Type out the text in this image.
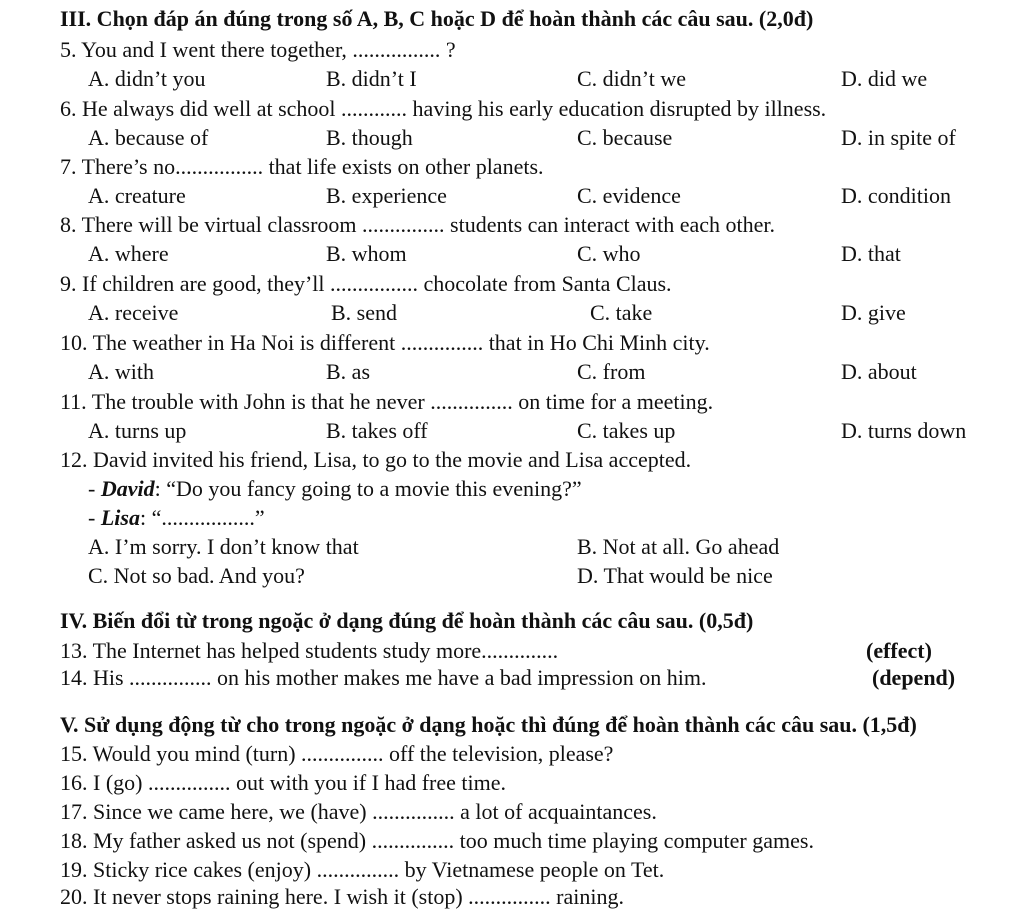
III. Chọn đáp án đúng trong số A, B, C hoặc D để hoàn thành các câu sau. (2,0đ)
5. You and I went there together, ................ ?
A. didn’t you	B. didn’t I	C. didn’t we	D. did we
6. He always did well at school ............ having his early education disrupted by illness.
A. because of	B. though	C. because	D. in spite of
7. There’s no................ that life exists on other planets.
A. creature	B. experience	C. evidence	D. condition
8. There will be virtual classroom ............... students can interact with each other.
A. where	B. whom	C. who	D. that
9. If children are good, they’ll ................ chocolate from Santa Claus.
A. receive	B. send	C. take	D. give
10. The weather in Ha Noi is different ............... that in Ho Chi Minh city.
A. with	B. as	C. from	D. about
11. The trouble with John is that he never ............... on time for a meeting.
A. turns up	B. takes off	C. takes up	D. turns down
12. David invited his friend, Lisa, to go to the movie and Lisa accepted.
- David: “Do you fancy going to a movie this evening?”
- Lisa: “.................”
A. I’m sorry. I don’t know that	B. Not at all. Go ahead
C. Not so bad. And you?	D. That would be nice
IV. Biến đổi từ trong ngoặc ở dạng đúng để hoàn thành các câu sau. (0,5đ)
13. The Internet has helped students study more..............	(effect)
14. His ............... on his mother makes me have a bad impression on him.	(depend)
V. Sử dụng động từ cho trong ngoặc ở dạng hoặc thì đúng để hoàn thành các câu sau. (1,5đ)
15. Would you mind (turn) ............... off the television, please?
16. I (go) ............... out with you if I had free time.
17. Since we came here, we (have) ............... a lot of acquaintances.
18. My father asked us not (spend) ............... too much time playing computer games.
19. Sticky rice cakes (enjoy) ............... by Vietnamese people on Tet.
20. It never stops raining here. I wish it (stop) ............... raining.
